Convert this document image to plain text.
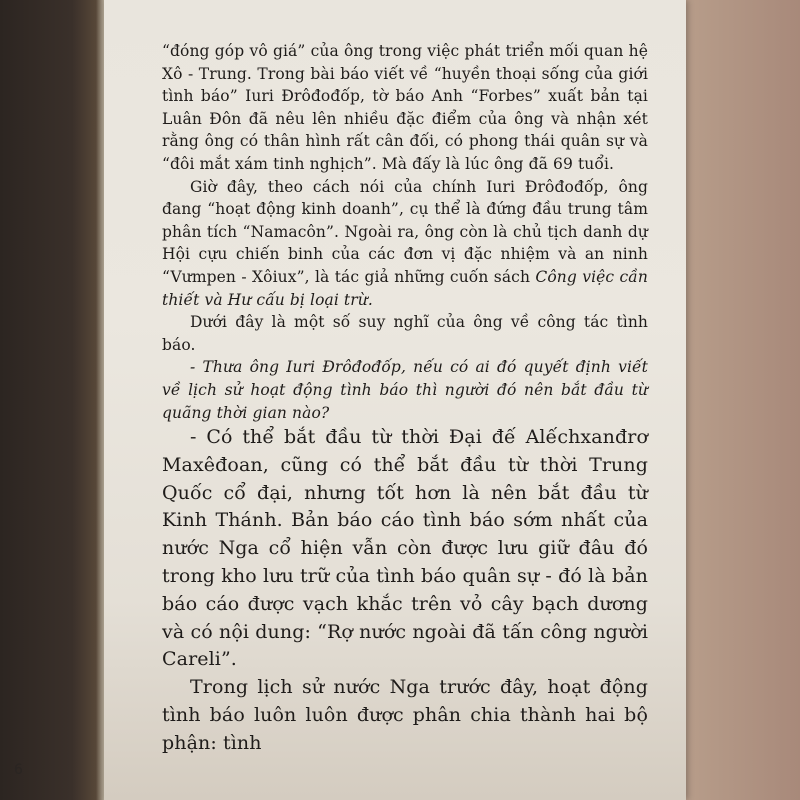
“đóng góp vô giá” của ông trong việc phát triển mối quan hệ Xô - Trung. Trong bài báo viết về “huyền thoại sống của giới tình báo” Iuri Đrôđođốp, tờ báo Anh “Forbes” xuất bản tại Luân Đôn đã nêu lên nhiều đặc điểm của ông và nhận xét rằng ông có thân hình rất cân đối, có phong thái quân sự và “đôi mắt xám tinh nghịch”. Mà đấy là lúc ông đã 69 tuổi.

Giờ đây, theo cách nói của chính Iuri Đrôđođốp, ông đang “hoạt động kinh doanh”, cụ thể là đứng đầu trung tâm phân tích “Namacôn”. Ngoài ra, ông còn là chủ tịch danh dự Hội cựu chiến binh của các đơn vị đặc nhiệm và an ninh “Vưmpen - Xôiux”, là tác giả những cuốn sách Công việc cần thiết và Hư cấu bị loại trừ.

Dưới đây là một số suy nghĩ của ông về công tác tình báo.

- Thưa ông Iuri Đrôđođốp, nếu có ai đó quyết định viết về lịch sử hoạt động tình báo thì người đó nên bắt đầu từ quãng thời gian nào?

- Có thể bắt đầu từ thời Đại đế Alếchxanđrơ Maxêđoan, cũng có thể bắt đầu từ thời Trung Quốc cổ đại, nhưng tốt hơn là nên bắt đầu từ Kinh Thánh. Bản báo cáo tình báo sớm nhất của nước Nga cổ hiện vẫn còn được lưu giữ đâu đó trong kho lưu trữ của tình báo quân sự - đó là bản báo cáo được vạch khắc trên vỏ cây bạch dương và có nội dung: “Rợ nước ngoài đã tấn công người Careli”.

Trong lịch sử nước Nga trước đây, hoạt động tình báo luôn luôn được phân chia thành hai bộ phận: tình

6
